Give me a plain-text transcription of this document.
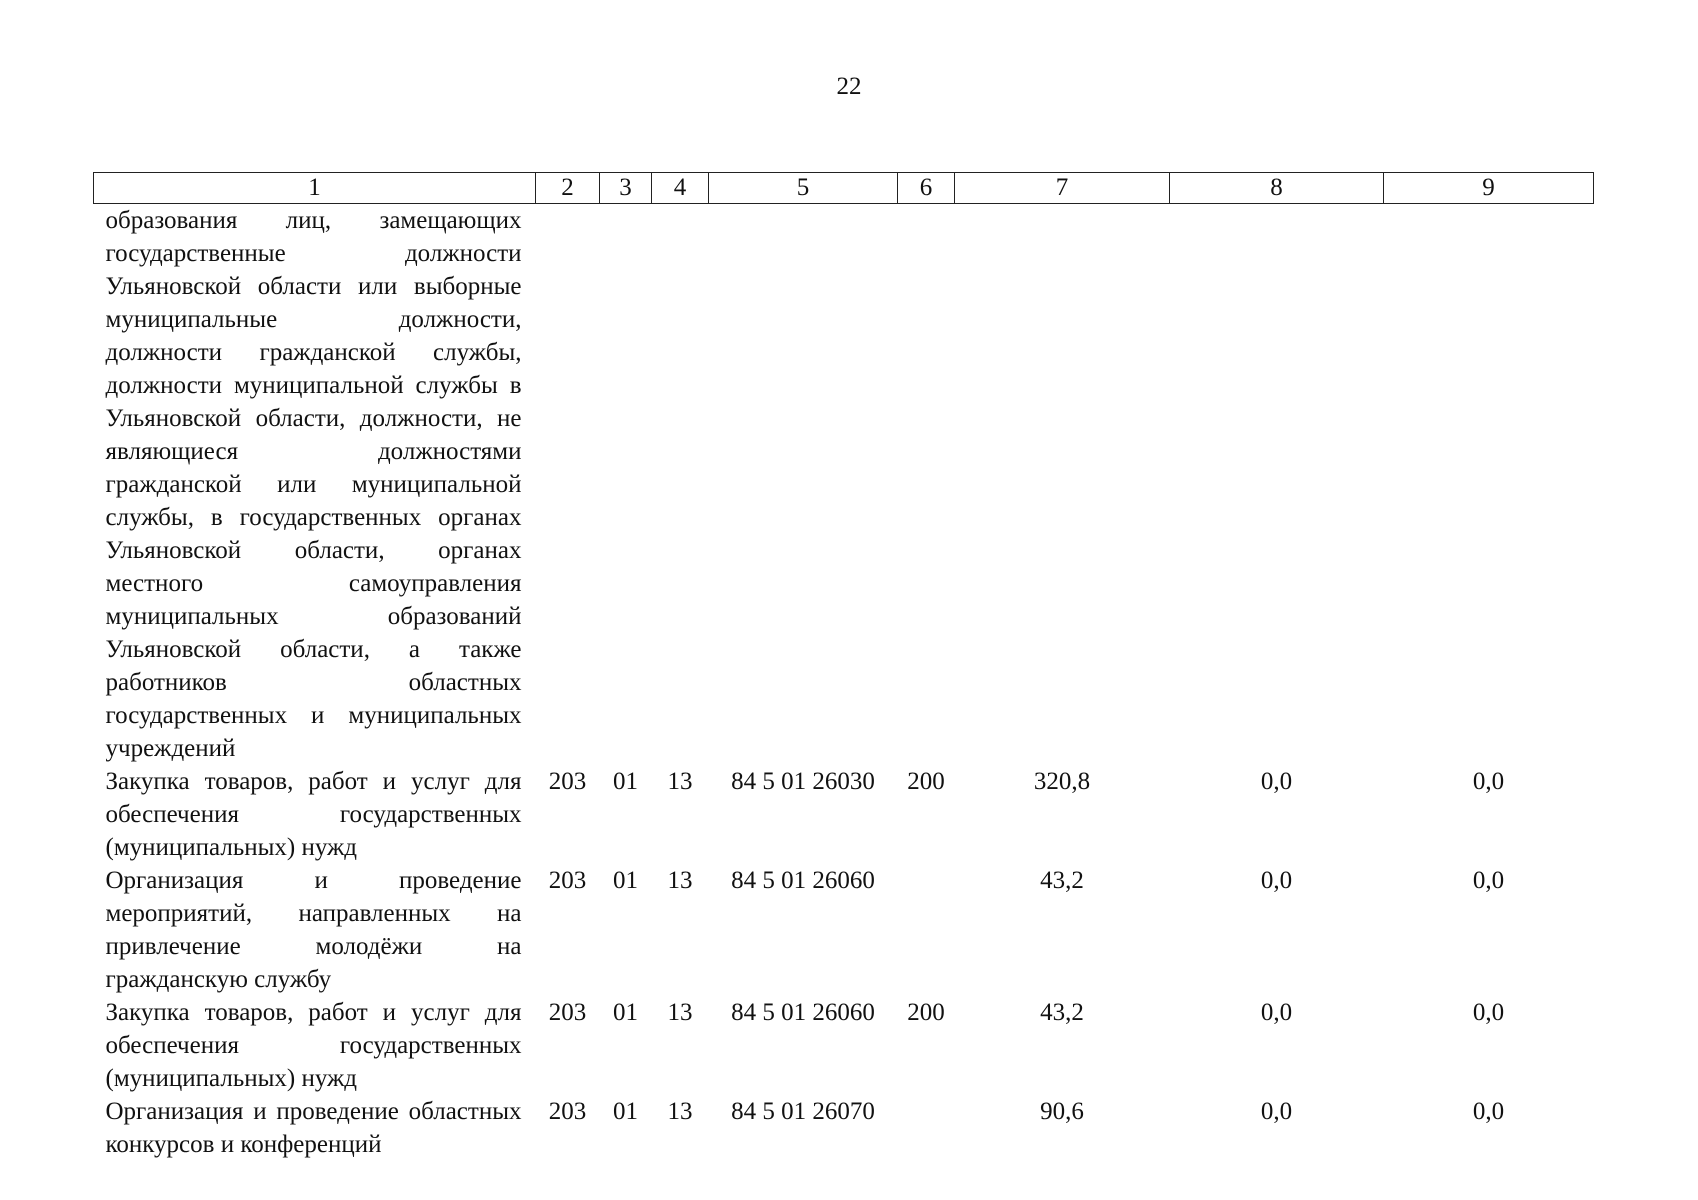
22
1	2	3	4	5	6	7	8	9
образования лиц, замещающих государственные должности Ульяновской области или выборные муниципальные должности, должности гражданской службы, должности муниципальной службы в Ульяновской области, должности, не являющиеся должностями гражданской или муниципальной службы, в государственных органах Ульяновской области, органах местного самоуправления муниципальных образований Ульяновской области, а также работников областных государственных и муниципальных учреждений								
Закупка товаров, работ и услуг для обеспечения государственных (муниципальных) нужд	203	01	13	84 5 01 26030	200	320,8	0,0	0,0
Организация и проведение мероприятий, направленных на привлечение молодёжи на гражданскую службу	203	01	13	84 5 01 26060		43,2	0,0	0,0
Закупка товаров, работ и услуг для обеспечения государственных (муниципальных) нужд	203	01	13	84 5 01 26060	200	43,2	0,0	0,0
Организация и проведение областных конкурсов и конференций	203	01	13	84 5 01 26070		90,6	0,0	0,0
